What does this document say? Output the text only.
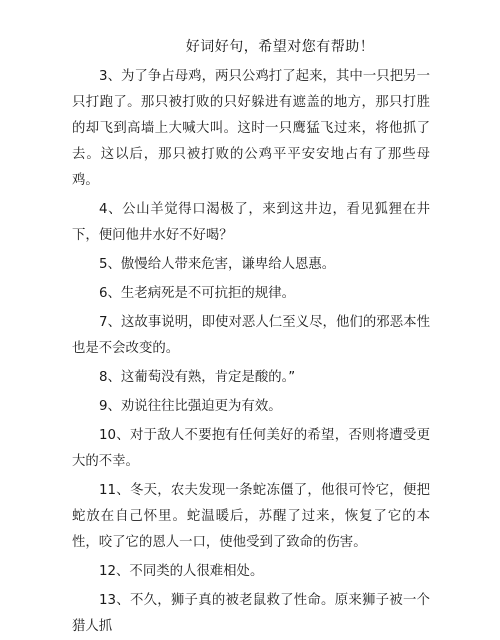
好词好句，希望对您有帮助！

3、为了争占母鸡，两只公鸡打了起来，其中一只把另一只打跑了。那只被打败的只好躲进有遮盖的地方，那只打胜的却飞到高墙上大喊大叫。这时一只鹰猛飞过来，将他抓了去。这以后，那只被打败的公鸡平平安安地占有了那些母鸡。

4、公山羊觉得口渴极了，来到这井边，看见狐狸在井下，便问他井水好不好喝？

5、傲慢给人带来危害，谦卑给人恩惠。

6、生老病死是不可抗拒的规律。

7、这故事说明，即使对恶人仁至义尽，他们的邪恶本性也是不会改变的。

8、这葡萄没有熟，肯定是酸的。”

9、劝说往往比强迫更为有效。

10、对于敌人不要抱有任何美好的希望，否则将遭受更大的不幸。

11、冬天，农夫发现一条蛇冻僵了，他很可怜它，便把蛇放在自己怀里。蛇温暖后，苏醒了过来，恢复了它的本性，咬了它的恩人一口，使他受到了致命的伤害。

12、不同类的人很难相处。

13、不久，狮子真的被老鼠救了性命。原来狮子被一个猎人抓
